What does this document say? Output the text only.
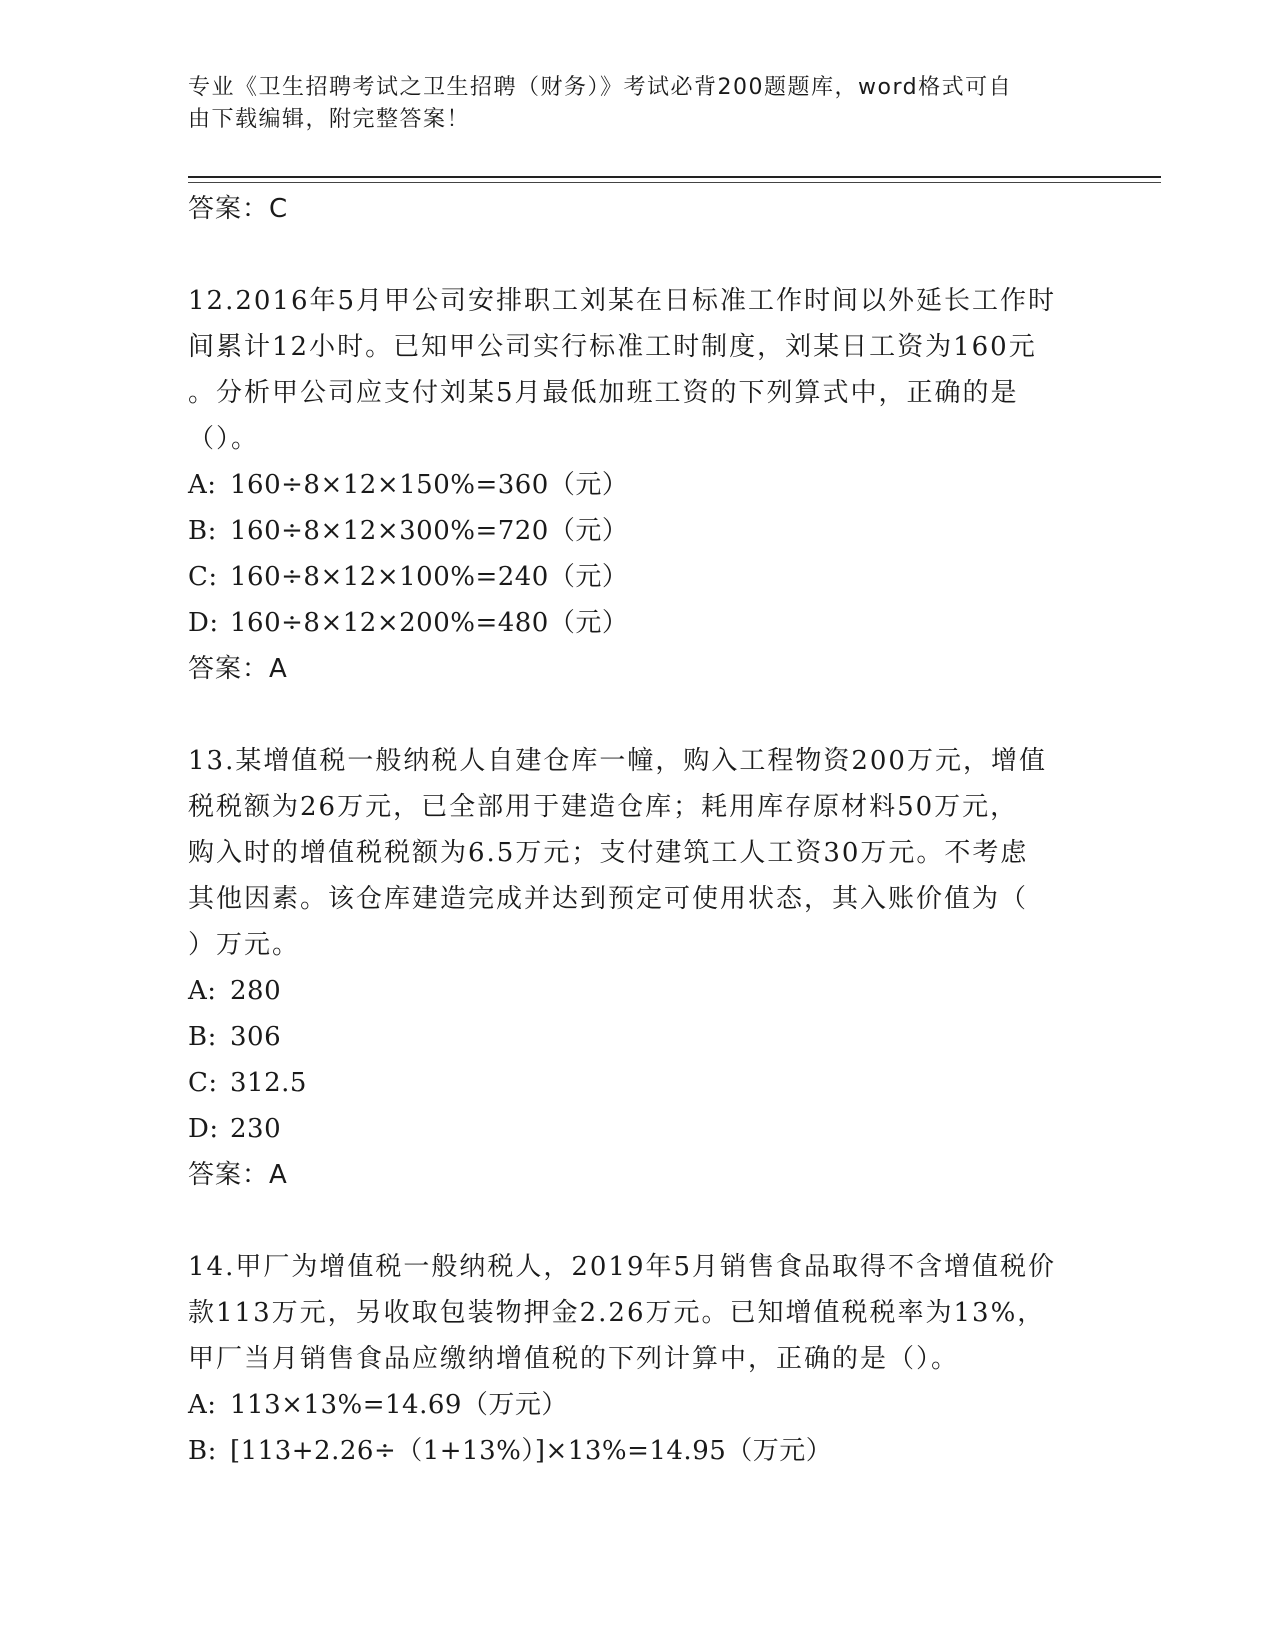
专业《卫生招聘考试之卫生招聘（财务）》考试必背200题题库，word格式可自
由下载编辑，附完整答案！
答案：C
12.2016年5月甲公司安排职工刘某在日标准工作时间以外延长工作时
间累计12小时。已知甲公司实行标准工时制度，刘某日工资为160元
。分析甲公司应支付刘某5月最低加班工资的下列算式中，正确的是
（）。
A: 160÷8×12×150%=360（元）
B: 160÷8×12×300%=720（元）
C: 160÷8×12×100%=240（元）
D: 160÷8×12×200%=480（元）
答案：A
13.某增值税一般纳税人自建仓库一幢，购入工程物资200万元，增值
税税额为26万元，已全部用于建造仓库；耗用库存原材料50万元，
购入时的增值税税额为6.5万元；支付建筑工人工资30万元。不考虑
其他因素。该仓库建造完成并达到预定可使用状态，其入账价值为（
）万元。
A: 280
B: 306
C: 312.5
D: 230
答案：A
14.甲厂为增值税一般纳税人，2019年5月销售食品取得不含增值税价
款113万元，另收取包装物押金2.26万元。已知增值税税率为13%，
甲厂当月销售食品应缴纳增值税的下列计算中，正确的是（）。
A: 113×13%=14.69（万元）
B: [113+2.26÷（1+13%）]×13%=14.95（万元）
